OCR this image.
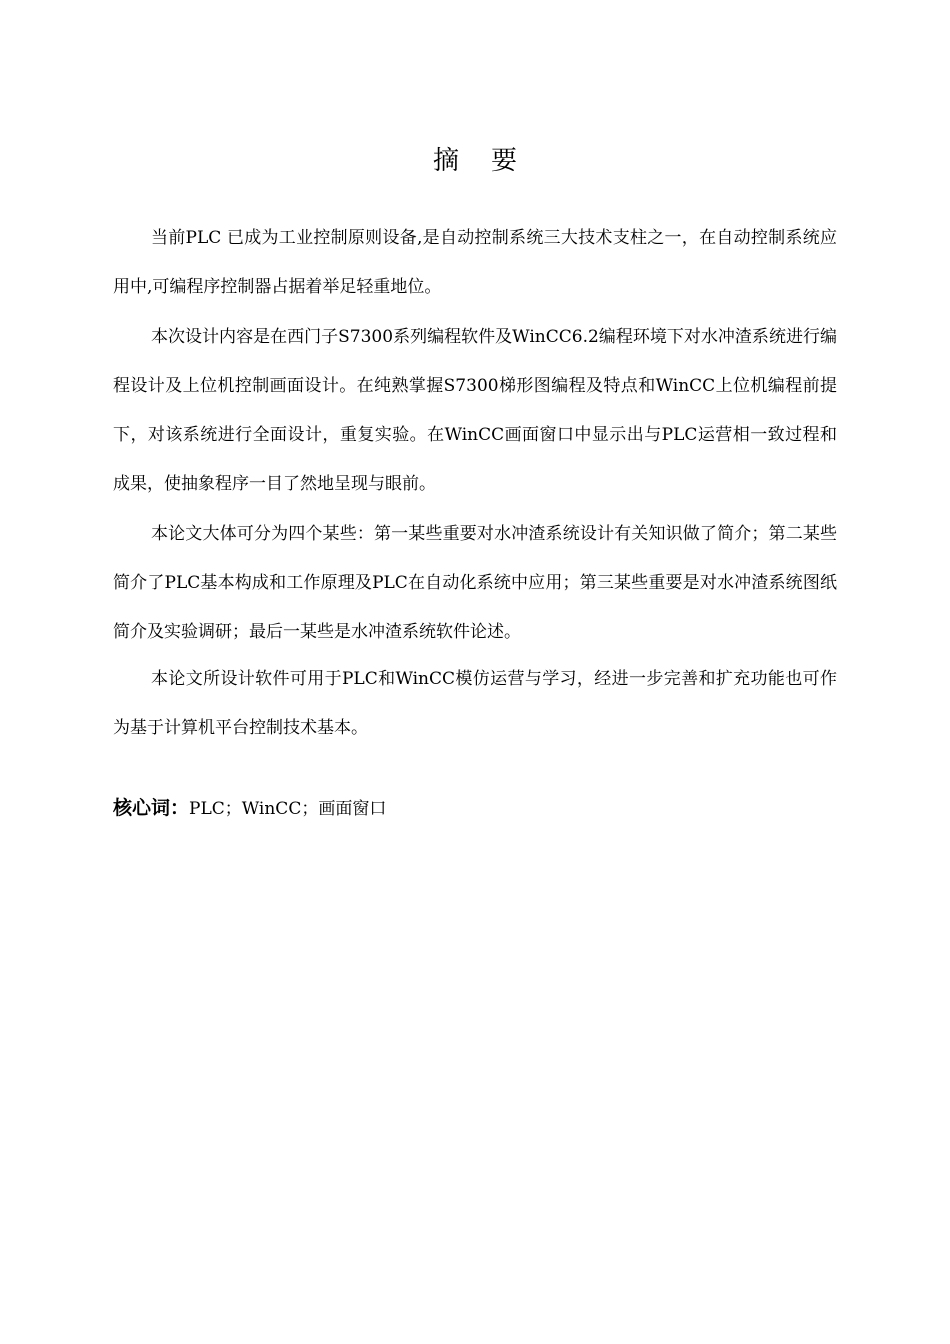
摘 要

当前PLC 已成为工业控制原则设备,是自动控制系统三大技术支柱之一，在自动控制系统应用中,可编程序控制器占据着举足轻重地位。

本次设计内容是在西门子S7300系列编程软件及WinCC6.2编程环境下对水冲渣系统进行编程设计及上位机控制画面设计。在纯熟掌握S7300梯形图编程及特点和WinCC上位机编程前提下，对该系统进行全面设计，重复实验。在WinCC画面窗口中显示出与PLC运营相一致过程和成果，使抽象程序一目了然地呈现与眼前。

本论文大体可分为四个某些：第一某些重要对水冲渣系统设计有关知识做了简介；第二某些简介了PLC基本构成和工作原理及PLC在自动化系统中应用；第三某些重要是对水冲渣系统图纸简介及实验调研；最后一某些是水冲渣系统软件论述。

本论文所设计软件可用于PLC和WinCC模仿运营与学习，经进一步完善和扩充功能也可作为基于计算机平台控制技术基本。

核心词：PLC；WinCC；画面窗口
